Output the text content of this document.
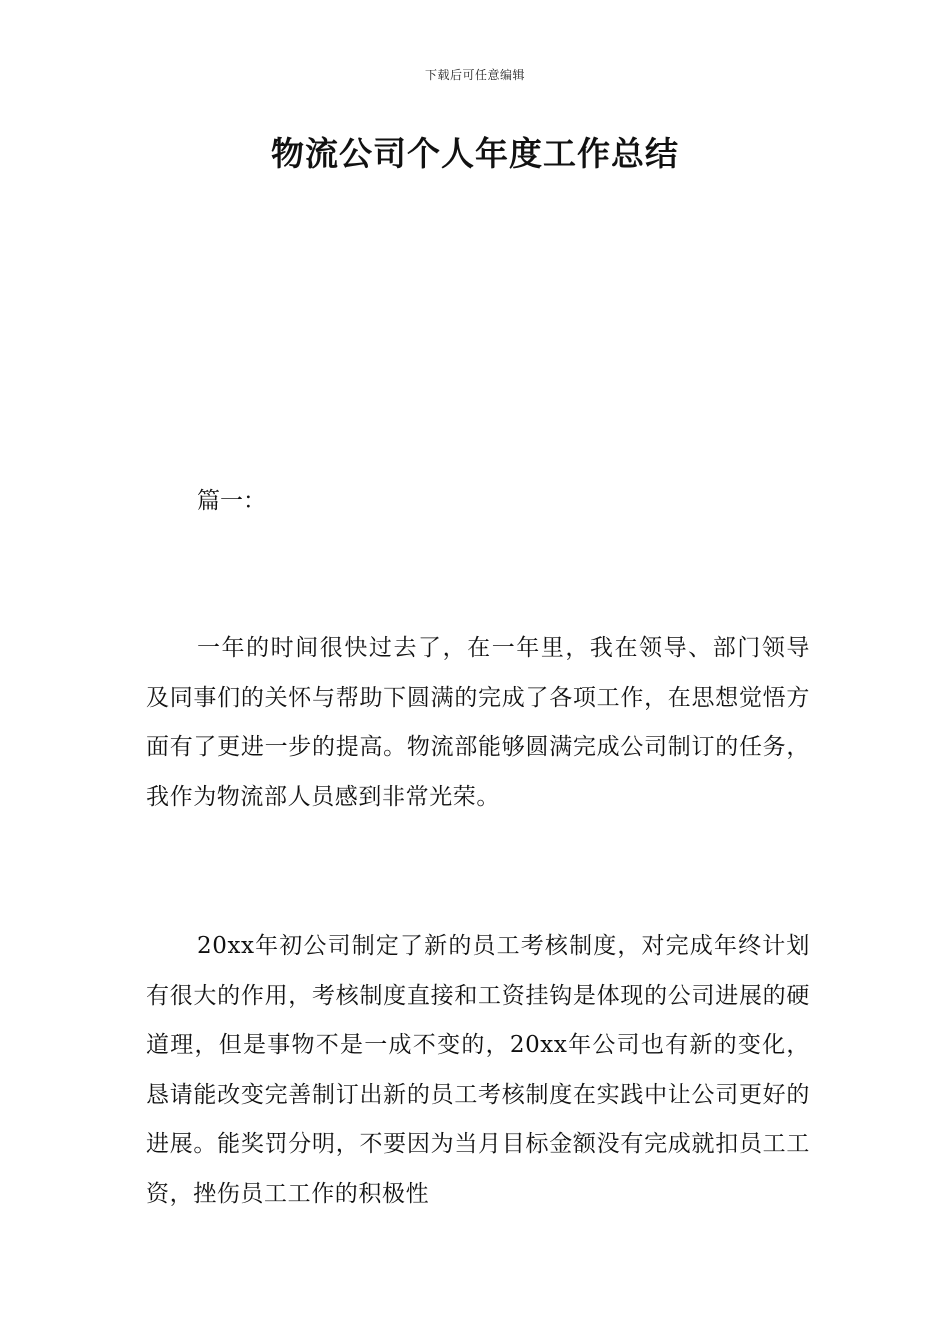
下载后可任意编辑
物流公司个人年度工作总结
篇一：

一年的时间很快过去了，在一年里，我在领导、部门领导及同事们的关怀与帮助下圆满的完成了各项工作，在思想觉悟方面有了更进一步的提高。物流部能够圆满完成公司制订的任务，我作为物流部人员感到非常光荣。

20xx年初公司制定了新的员工考核制度，对完成年终计划有很大的作用，考核制度直接和工资挂钩是体现的公司进展的硬道理，但是事物不是一成不变的，20xx年公司也有新的变化，恳请能改变完善制订出新的员工考核制度在实践中让公司更好的进展。能奖罚分明，不要因为当月目标金额没有完成就扣员工工资，挫伤员工工作的积极性
